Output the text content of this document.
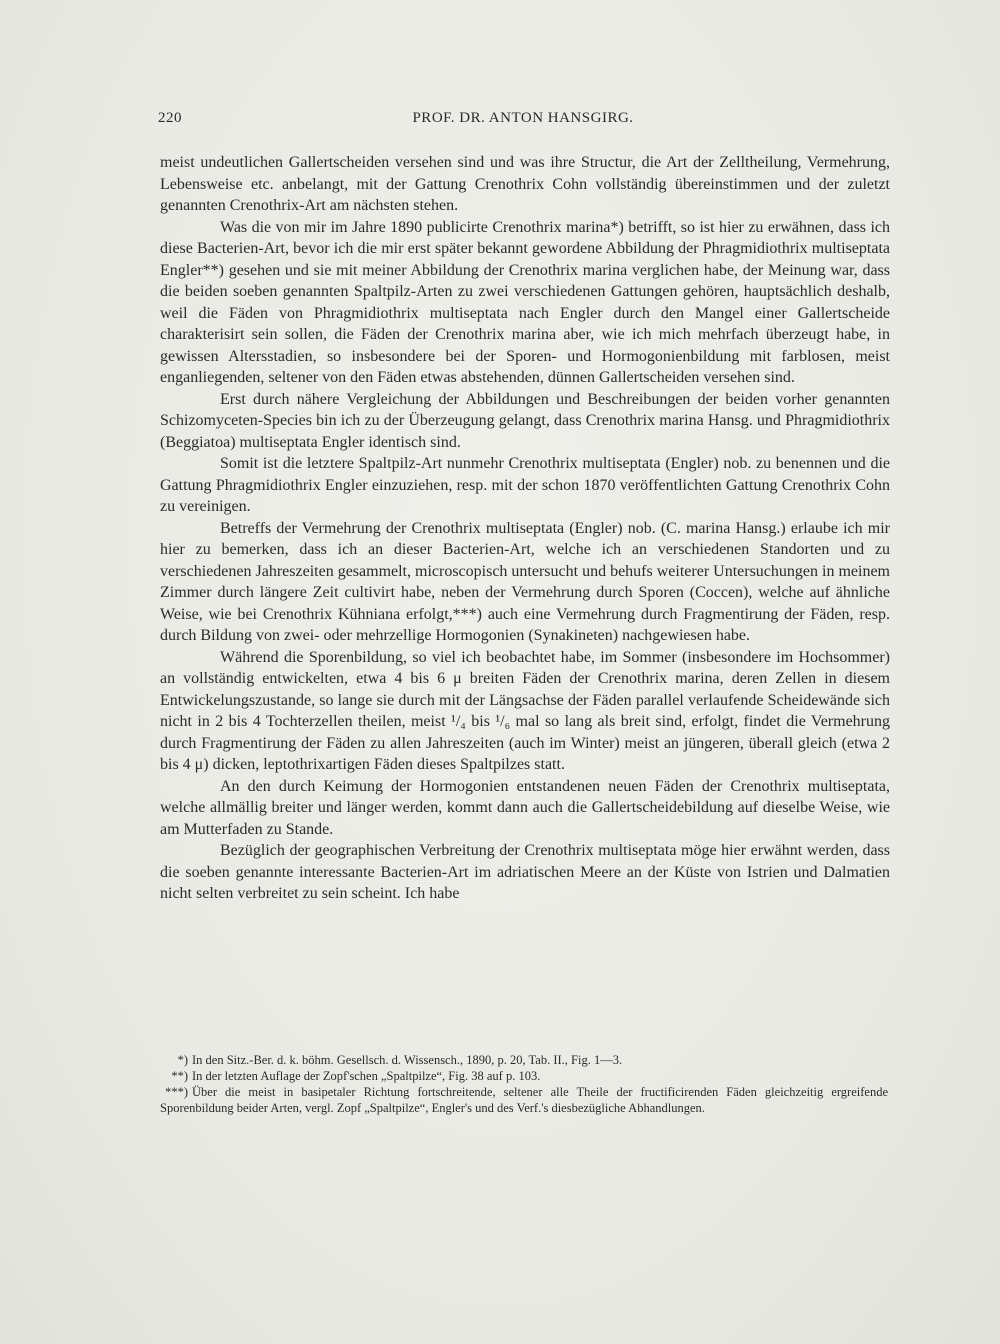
220	PROF. DR. ANTON HANSGIRG.

meist undeutlichen Gallertscheiden versehen sind und was ihre Structur, die Art der Zelltheilung, Vermehrung, Lebensweise etc. anbelangt, mit der Gattung Crenothrix Cohn vollständig übereinstimmen und der zuletzt genannten Crenothrix-Art am nächsten stehen.

Was die von mir im Jahre 1890 publicirte Crenothrix marina*) betrifft, so ist hier zu erwähnen, dass ich diese Bacterien-Art, bevor ich die mir erst später bekannt gewordene Abbildung der Phragmidiothrix multiseptata Engler**) gesehen und sie mit meiner Abbildung der Crenothrix marina verglichen habe, der Meinung war, dass die beiden soeben genannten Spaltpilz-Arten zu zwei verschiedenen Gattungen gehören, hauptsächlich deshalb, weil die Fäden von Phragmidiothrix multiseptata nach Engler durch den Mangel einer Gallertscheide charakterisirt sein sollen, die Fäden der Crenothrix marina aber, wie ich mich mehrfach überzeugt habe, in gewissen Altersstadien, so insbesondere bei der Sporen- und Hormogonienbildung mit farblosen, meist enganliegenden, seltener von den Fäden etwas abstehenden, dünnen Gallertscheiden versehen sind.

Erst durch nähere Vergleichung der Abbildungen und Beschreibungen der beiden vorher genannten Schizomyceten-Species bin ich zu der Überzeugung gelangt, dass Crenothrix marina Hansg. und Phragmidiothrix (Beggiatoa) multiseptata Engler identisch sind.

Somit ist die letztere Spaltpilz-Art nunmehr Crenothrix multiseptata (Engler) nob. zu benennen und die Gattung Phragmidiothrix Engler einzuziehen, resp. mit der schon 1870 veröffentlichten Gattung Crenothrix Cohn zu vereinigen.

Betreffs der Vermehrung der Crenothrix multiseptata (Engler) nob. (C. marina Hansg.) erlaube ich mir hier zu bemerken, dass ich an dieser Bacterien-Art, welche ich an verschiedenen Standorten und zu verschiedenen Jahreszeiten gesammelt, microscopisch untersucht und behufs weiterer Untersuchungen in meinem Zimmer durch längere Zeit cultivirt habe, neben der Vermehrung durch Sporen (Coccen), welche auf ähnliche Weise, wie bei Crenothrix Kühniana erfolgt,***) auch eine Vermehrung durch Fragmentirung der Fäden, resp. durch Bildung von zwei- oder mehrzellige Hormogonien (Synakineten) nachgewiesen habe.

Während die Sporenbildung, so viel ich beobachtet habe, im Sommer (insbesondere im Hochsommer) an vollständig entwickelten, etwa 4 bis 6 μ breiten Fäden der Crenothrix marina, deren Zellen in diesem Entwickelungszustande, so lange sie durch mit der Längsachse der Fäden parallel verlaufende Scheidewände sich nicht in 2 bis 4 Tochterzellen theilen, meist ¹/₄ bis ¹/₆ mal so lang als breit sind, erfolgt, findet die Vermehrung durch Fragmentirung der Fäden zu allen Jahreszeiten (auch im Winter) meist an jüngeren, überall gleich (etwa 2 bis 4 μ) dicken, leptothrixartigen Fäden dieses Spaltpilzes statt.

An den durch Keimung der Hormogonien entstandenen neuen Fäden der Crenothrix multiseptata, welche allmällig breiter und länger werden, kommt dann auch die Gallertscheidebildung auf dieselbe Weise, wie am Mutterfaden zu Stande.

Bezüglich der geographischen Verbreitung der Crenothrix multiseptata möge hier erwähnt werden, dass die soeben genannte interessante Bacterien-Art im adriatischen Meere an der Küste von Istrien und Dalmatien nicht selten verbreitet zu sein scheint. Ich habe

*) In den Sitz.-Ber. d. k. böhm. Gesellsch. d. Wissensch., 1890, p. 20, Tab. II., Fig. 1—3.

**) In der letzten Auflage der Zopf'schen „Spaltpilze“, Fig. 38 auf p. 103.

***) Über die meist in basipetaler Richtung fortschreitende, seltener alle Theile der fructificirenden Fäden gleichzeitig ergreifende Sporenbildung beider Arten, vergl. Zopf „Spaltpilze“, Engler's und des Verf.'s diesbezügliche Abhandlungen.
